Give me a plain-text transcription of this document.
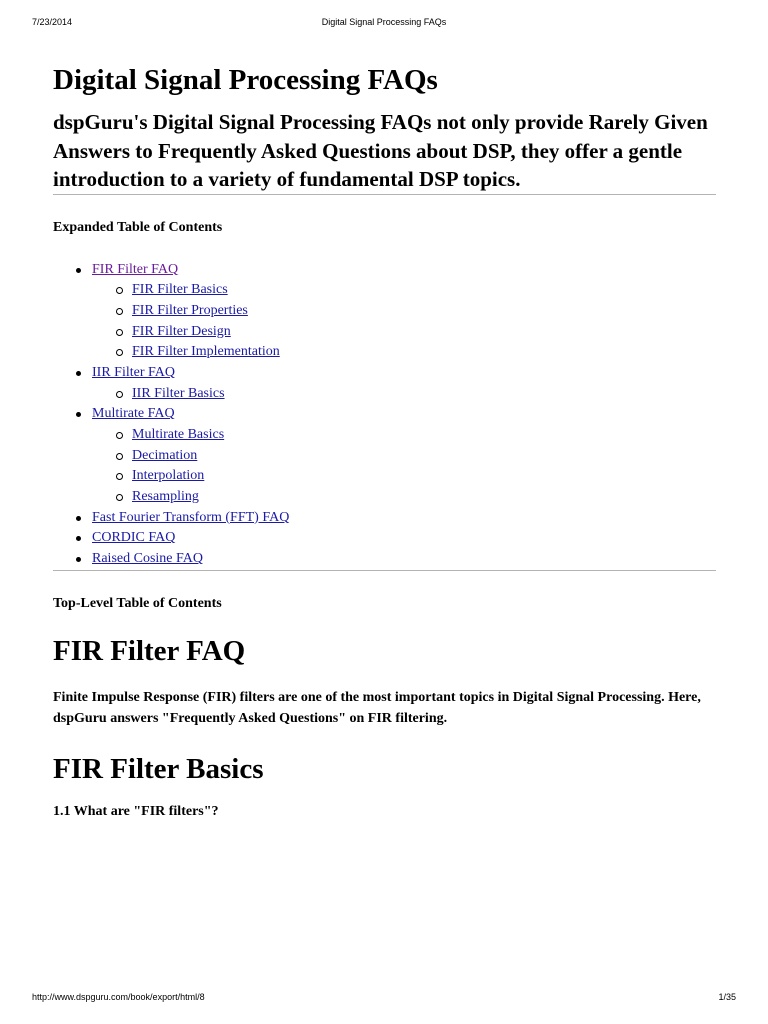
7/23/2014	Digital Signal Processing FAQs
Digital Signal Processing FAQs

dspGuru's Digital Signal Processing FAQs not only provide Rarely Given Answers to Frequently Asked Questions about DSP, they offer a gentle introduction to a variety of fundamental DSP topics.

Expanded Table of Contents
FIR Filter FAQ
FIR Filter Basics
FIR Filter Properties
FIR Filter Design
FIR Filter Implementation
IIR Filter FAQ
IIR Filter Basics
Multirate FAQ
Multirate Basics
Decimation
Interpolation
Resampling
Fast Fourier Transform (FFT) FAQ
CORDIC FAQ
Raised Cosine FAQ
Top-Level Table of Contents
FIR Filter FAQ

Finite Impulse Response (FIR) filters are one of the most important topics in Digital Signal Processing. Here, dspGuru answers "Frequently Asked Questions" on FIR filtering.

FIR Filter Basics
1.1 What are "FIR filters"?
http://www.dspguru.com/book/export/html/8	1/35
